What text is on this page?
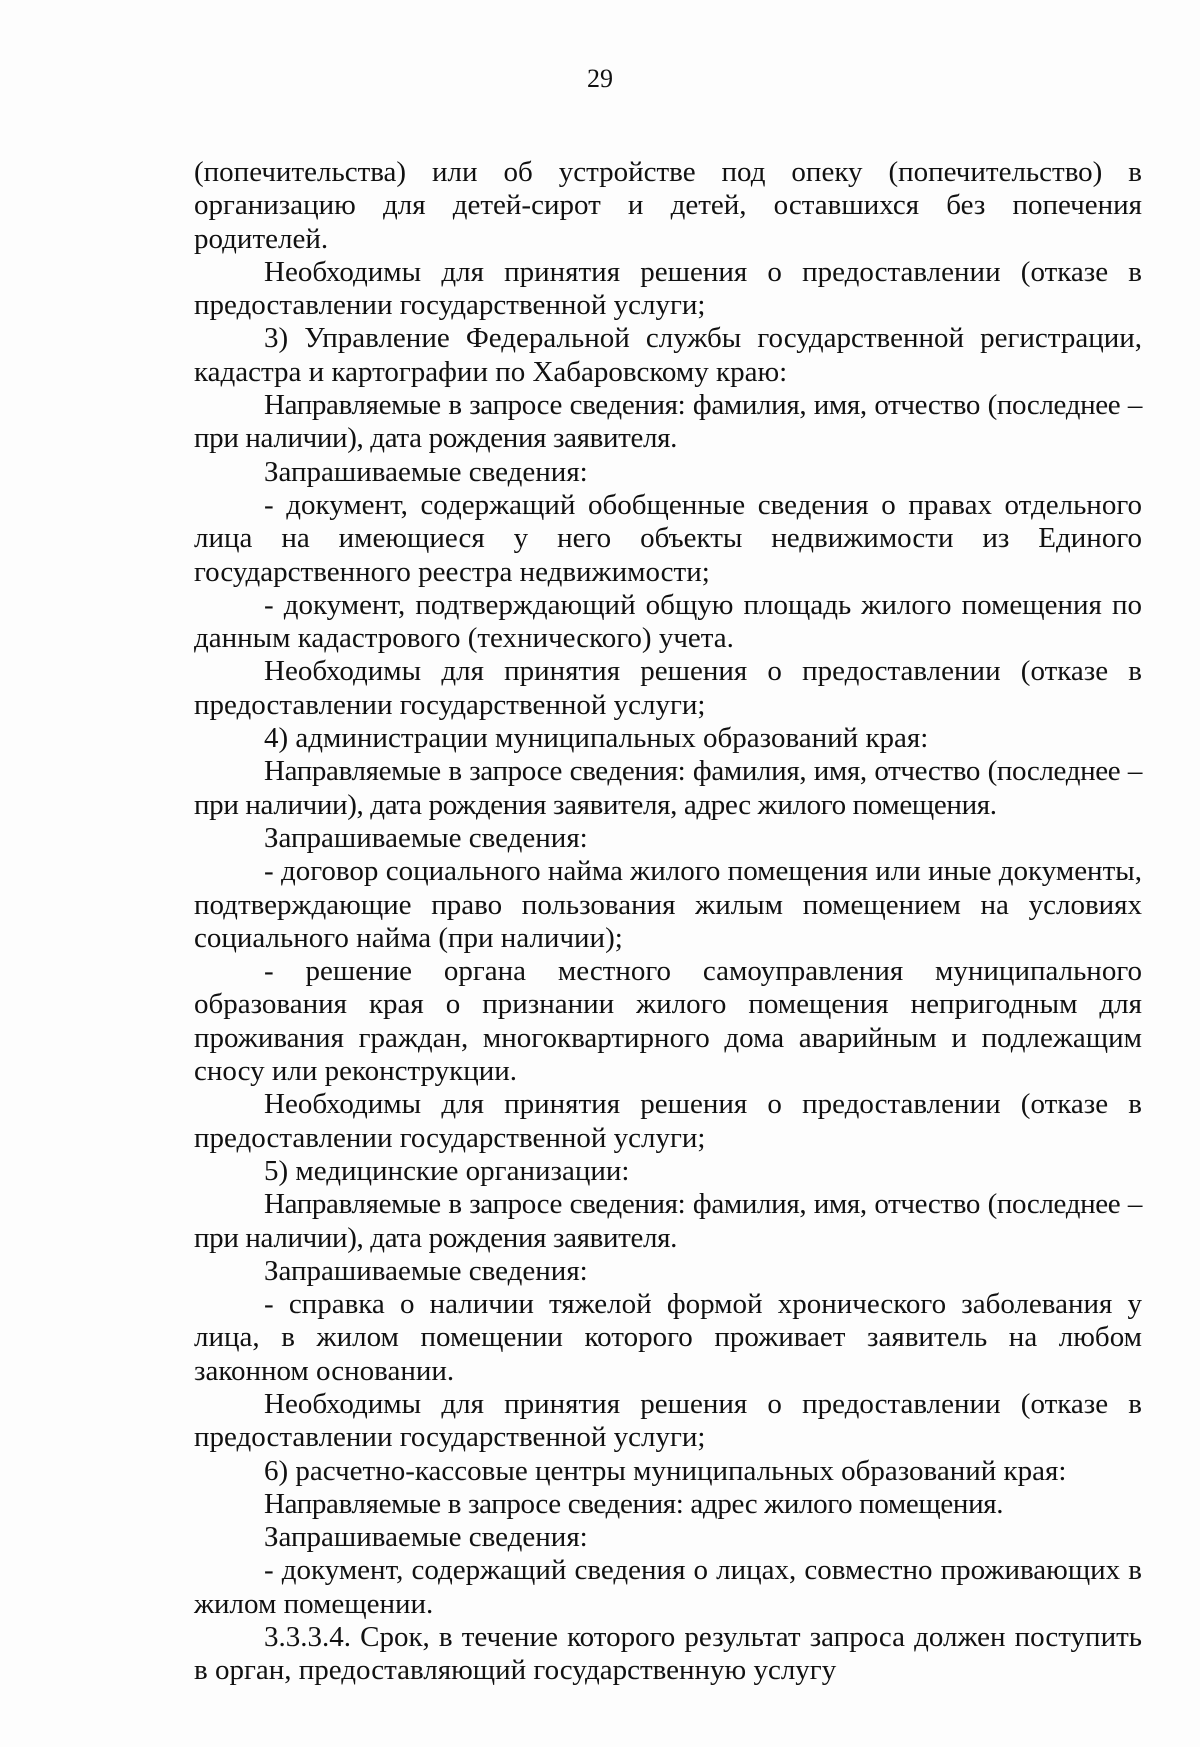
29

(попечительства) или об устройстве под опеку (попечительство) в организацию для детей-сирот и детей, оставшихся без попечения родителей.

Необходимы для принятия решения о предоставлении (отказе в предоставлении государственной услуги;

3) Управление Федеральной службы государственной регистрации, кадастра и картографии по Хабаровскому краю:

Направляемые в запросе сведения: фамилия, имя, отчество (последнее – при наличии), дата рождения заявителя.

Запрашиваемые сведения:

- документ, содержащий обобщенные сведения о правах отдельного лица на имеющиеся у него объекты недвижимости из Единого государственного реестра недвижимости;

- документ, подтверждающий общую площадь жилого помещения по данным кадастрового (технического) учета.

Необходимы для принятия решения о предоставлении (отказе в предоставлении государственной услуги;

4) администрации муниципальных образований края:

Направляемые в запросе сведения: фамилия, имя, отчество (последнее – при наличии), дата рождения заявителя, адрес жилого помещения.

Запрашиваемые сведения:

- договор социального найма жилого помещения или иные документы, подтверждающие право пользования жилым помещением на условиях социального найма (при наличии);

- решение органа местного самоуправления муниципального образования края о признании жилого помещения непригодным для проживания граждан, многоквартирного дома аварийным и подлежащим сносу или реконструкции.

Необходимы для принятия решения о предоставлении (отказе в предоставлении государственной услуги;

5) медицинские организации:

Направляемые в запросе сведения: фамилия, имя, отчество (последнее – при наличии), дата рождения заявителя.

Запрашиваемые сведения:

- справка о наличии тяжелой формой хронического заболевания у лица, в жилом помещении которого проживает заявитель на любом законном основании.

Необходимы для принятия решения о предоставлении (отказе в предоставлении государственной услуги;

6) расчетно-кассовые центры муниципальных образований края:

Направляемые в запросе сведения: адрес жилого помещения.

Запрашиваемые сведения:

- документ, содержащий сведения о лицах, совместно проживающих в жилом помещении.

3.3.3.4. Срок, в течение которого результат запроса должен поступить в орган, предоставляющий государственную услугу
